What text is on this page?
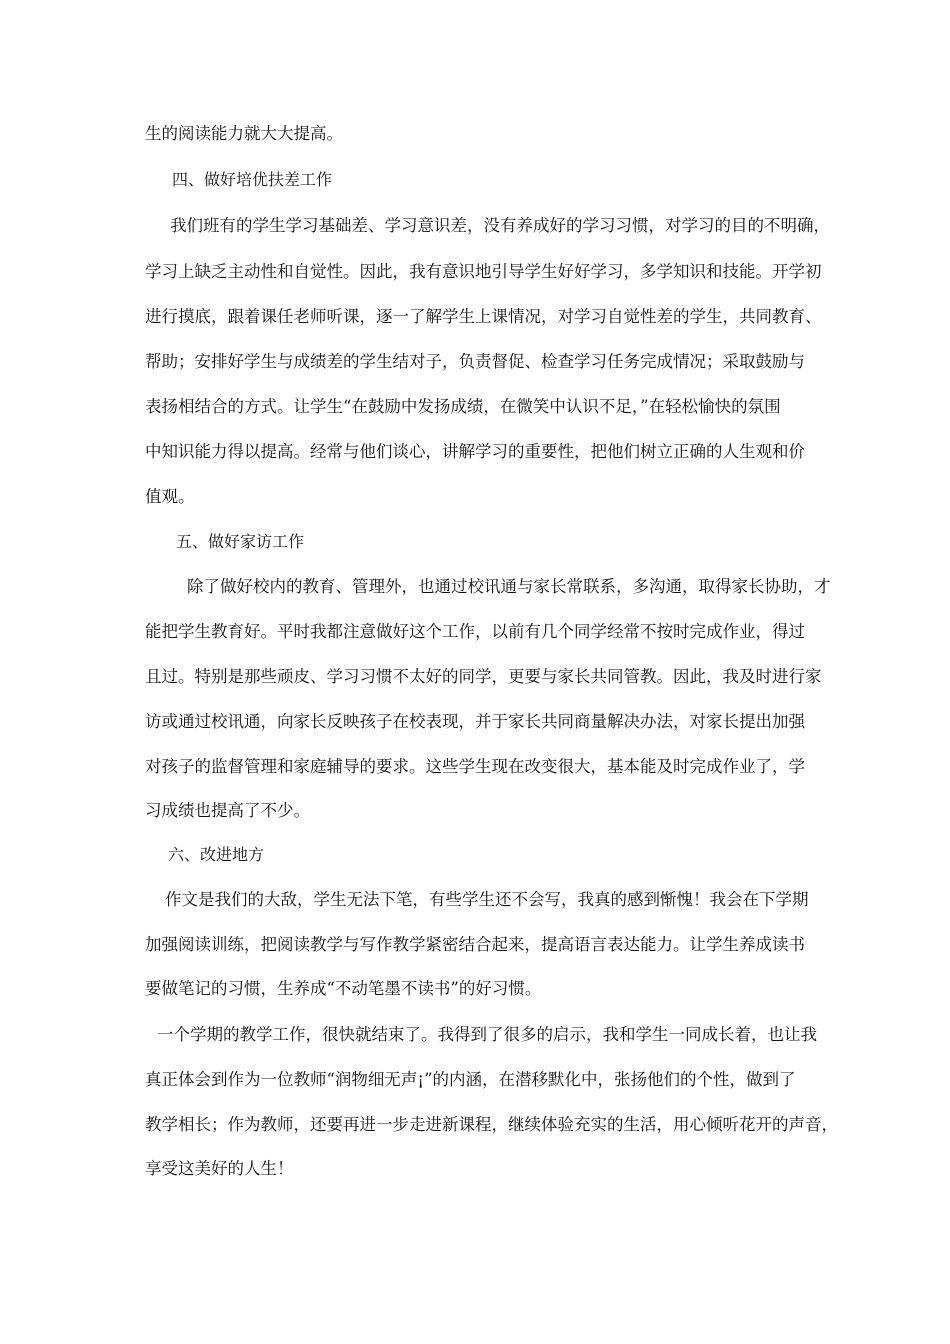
生的阅读能力就大大提高。
四、做好培优扶差工作
我们班有的学生学习基础差、学习意识差，没有养成好的学习习惯，对学习的目的不明确，
学习上缺乏主动性和自觉性。因此，我有意识地引导学生好好学习，多学知识和技能。开学初
进行摸底，跟着课任老师听课，逐一了解学生上课情况，对学习自觉性差的学生，共同教育、
帮助；安排好学生与成绩差的学生结对子，负责督促、检查学习任务完成情况；采取鼓励与
表扬相结合的方式。让学生“在鼓励中发扬成绩，在微笑中认识不足，”在轻松愉快的氛围
中知识能力得以提高。经常与他们谈心，讲解学习的重要性，把他们树立正确的人生观和价
值观。
五、做好家访工作
除了做好校内的教育、管理外，也通过校讯通与家长常联系，多沟通，取得家长协助，才
能把学生教育好。平时我都注意做好这个工作，以前有几个同学经常不按时完成作业，得过
且过。特别是那些顽皮、学习习惯不太好的同学，更要与家长共同管教。因此，我及时进行家
访或通过校讯通，向家长反映孩子在校表现，并于家长共同商量解决办法，对家长提出加强
对孩子的监督管理和家庭辅导的要求。这些学生现在改变很大，基本能及时完成作业了，学
习成绩也提高了不少。
六、改进地方
作文是我们的大敌，学生无法下笔，有些学生还不会写，我真的感到惭愧！我会在下学期
加强阅读训练，把阅读教学与写作教学紧密结合起来，提高语言表达能力。让学生养成读书
要做笔记的习惯，生养成“不动笔墨不读书”的好习惯。
一个学期的教学工作，很快就结束了。我得到了很多的启示，我和学生一同成长着，也让我
真正体会到作为一位教师“润物细无声¡”的内涵，在潜移默化中，张扬他们的个性，做到了
教学相长；作为教师，还要再进一步走进新课程，继续体验充实的生活，用心倾听花开的声音，
享受这美好的人生！
